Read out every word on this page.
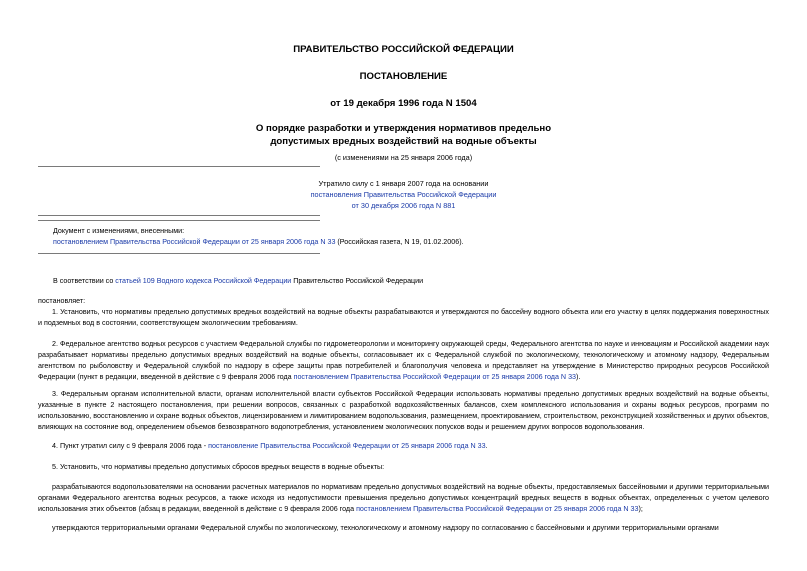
ПРАВИТЕЛЬСТВО РОССИЙСКОЙ ФЕДЕРАЦИИ
ПОСТАНОВЛЕНИЕ
от 19 декабря 1996 года N 1504
О порядке разработки и утверждения нормативов предельно
допустимых вредных воздействий на водные объекты
(с изменениями на 25 января 2006 года)
Утратило силу с 1 января 2007 года на основании
постановления Правительства Российской Федерации
от 30 декабря 2006 года N 881
Документ с изменениями, внесенными:
постановлением Правительства Российской Федерации от 25 января 2006 года N 33 (Российская газета, N 19, 01.02.2006).
В соответствии со статьей 109 Водного кодекса Российской Федерации Правительство Российской Федерации
постановляет:
1. Установить, что нормативы предельно допустимых вредных воздействий на водные объекты разрабатываются и утверждаются по бассейну водного объекта или его участку в целях поддержания поверхностных и подземных вод в состоянии, соответствующем экологическим требованиям.
2. Федеральное агентство водных ресурсов с участием Федеральной службы по гидрометеорологии и мониторингу окружающей среды, Федерального агентства по науке и инновациям и Российской академии наук разрабатывает нормативы предельно допустимых вредных воздействий на водные объекты, согласовывает их с Федеральной службой по экологическому, технологическому и атомному надзору, Федеральным агентством по рыболовству и Федеральной службой по надзору в сфере защиты прав потребителей и благополучия человека и представляет на утверждение в Министерство природных ресурсов Российской Федерации (пункт в редакции, введенной в действие с 9 февраля 2006 года постановлением Правительства Российской Федерации от 25 января 2006 года N 33).
3. Федеральным органам исполнительной власти, органам исполнительной власти субъектов Российской Федерации использовать нормативы предельно допустимых вредных воздействий на водные объекты, указанные в пункте 2 настоящего постановления, при решении вопросов, связанных с разработкой водохозяйственных балансов, схем комплексного использования и охраны водных ресурсов, программ по использованию, восстановлению и охране водных объектов, лицензированием и лимитированием водопользования, размещением, проектированием, строительством, реконструкцией хозяйственных и других объектов, влияющих на состояние вод, определением объемов безвозвратного водопотребления, установлением экологических попусков воды и решением других вопросов водопользования.
4. Пункт утратил силу с 9 февраля 2006 года - постановление Правительства Российской Федерации от 25 января 2006 года N 33.
5. Установить, что нормативы предельно допустимых сбросов вредных веществ в водные объекты:
разрабатываются водопользователями на основании расчетных материалов по нормативам предельно допустимых воздействий на водные объекты, предоставляемых бассейновыми и другими территориальными органами Федерального агентства водных ресурсов, а также исходя из недопустимости превышения предельно допустимых концентраций вредных веществ в водных объектах, определенных с учетом целевого использования этих объектов (абзац в редакции, введенной в действие с 9 февраля 2006 года постановлением Правительства Российской Федерации от 25 января 2006 года N 33);
утверждаются территориальными органами Федеральной службы по экологическому, технологическому и атомному надзору по согласованию с бассейновыми и другими территориальными органами
